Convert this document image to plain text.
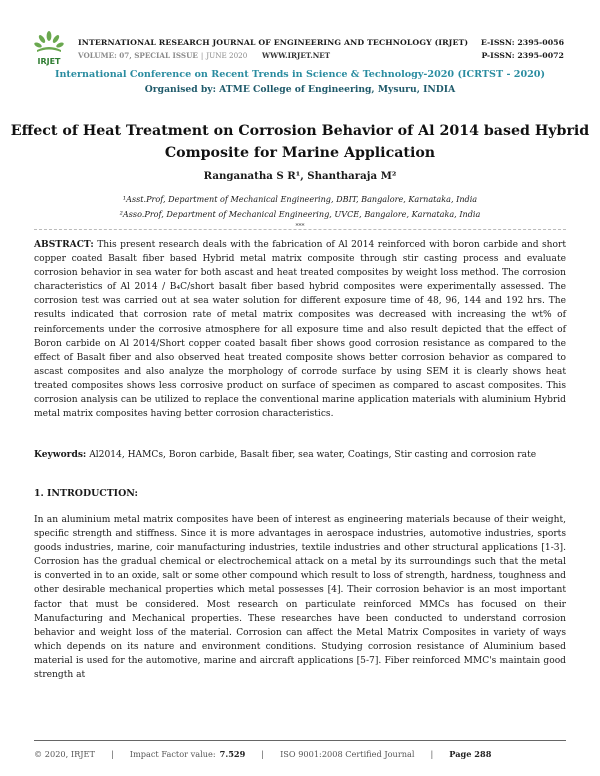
IRJET
INTERNATIONAL RESEARCH JOURNAL OF ENGINEERING AND TECHNOLOGY (IRJET)
VOLUME: 07, SPECIAL ISSUE | JUNE 2020 WWW.IRJET.NET
E-ISSN: 2395-0056
P-ISSN: 2395-0072
International Conference on Recent Trends in Science & Technology-2020 (ICRTST - 2020)
Organised by: ATME College of Engineering, Mysuru, INDIA
Effect of Heat Treatment on Corrosion Behavior of Al 2014 based Hybrid Composite for Marine Application
Ranganatha S R¹, Shantharaja M²
¹Asst.Prof, Department of Mechanical Engineering, DBIT, Bangalore, Karnataka, India
²Asso.Prof, Department of Mechanical Engineering, UVCE, Bangalore, Karnataka, India
***
ABSTRACT: This present research deals with the fabrication of Al 2014 reinforced with boron carbide and short copper coated Basalt fiber based Hybrid metal matrix composite through stir casting process and evaluate corrosion behavior in sea water for both ascast and heat treated composites by weight loss method. The corrosion characteristics of Al 2014 / B₄C/short basalt fiber based hybrid composites were experimentally assessed. The corrosion test was carried out at sea water solution for different exposure time of 48, 96, 144 and 192 hrs. The results indicated that corrosion rate of metal matrix composites was decreased with increasing the wt% of reinforcements under the corrosive atmosphere for all exposure time and also result depicted that the effect of Boron carbide on Al 2014/Short copper coated basalt fiber shows good corrosion resistance as compared to the effect of Basalt fiber and also observed heat treated composite shows better corrosion behavior as compared to ascast composites and also analyze the morphology of corrode surface by using SEM it is clearly shows heat treated composites shows less corrosive product on surface of specimen as compared to ascast composites. This corrosion analysis can be utilized to replace the conventional marine application materials with aluminium Hybrid metal matrix composites having better corrosion characteristics.
Keywords: Al2014, HAMCs, Boron carbide, Basalt fiber, sea water, Coatings, Stir casting and corrosion rate
1. INTRODUCTION:
In an aluminium metal matrix composites have been of interest as engineering materials because of their weight, specific strength and stiffness. Since it is more advantages in aerospace industries, automotive industries, sports goods industries, marine, coir manufacturing industries, textile industries and other structural applications [1-3]. Corrosion has the gradual chemical or electrochemical attack on a metal by its surroundings such that the metal is converted in to an oxide, salt or some other compound which result to loss of strength, hardness, toughness and other desirable mechanical properties which metal possesses [4]. Their corrosion behavior is an most important factor that must be considered. Most research on particulate reinforced MMCs has focused on their Manufacturing and Mechanical properties. These researches have been conducted to understand corrosion behavior and weight loss of the material. Corrosion can affect the Metal Matrix Composites in variety of ways which depends on its nature and environment conditions. Studying corrosion resistance of Aluminium based material is used for the automotive, marine and aircraft applications [5-7]. Fiber reinforced MMC's maintain good strength at
© 2020, IRJET | Impact Factor value: 7.529 | ISO 9001:2008 Certified Journal | Page 288
